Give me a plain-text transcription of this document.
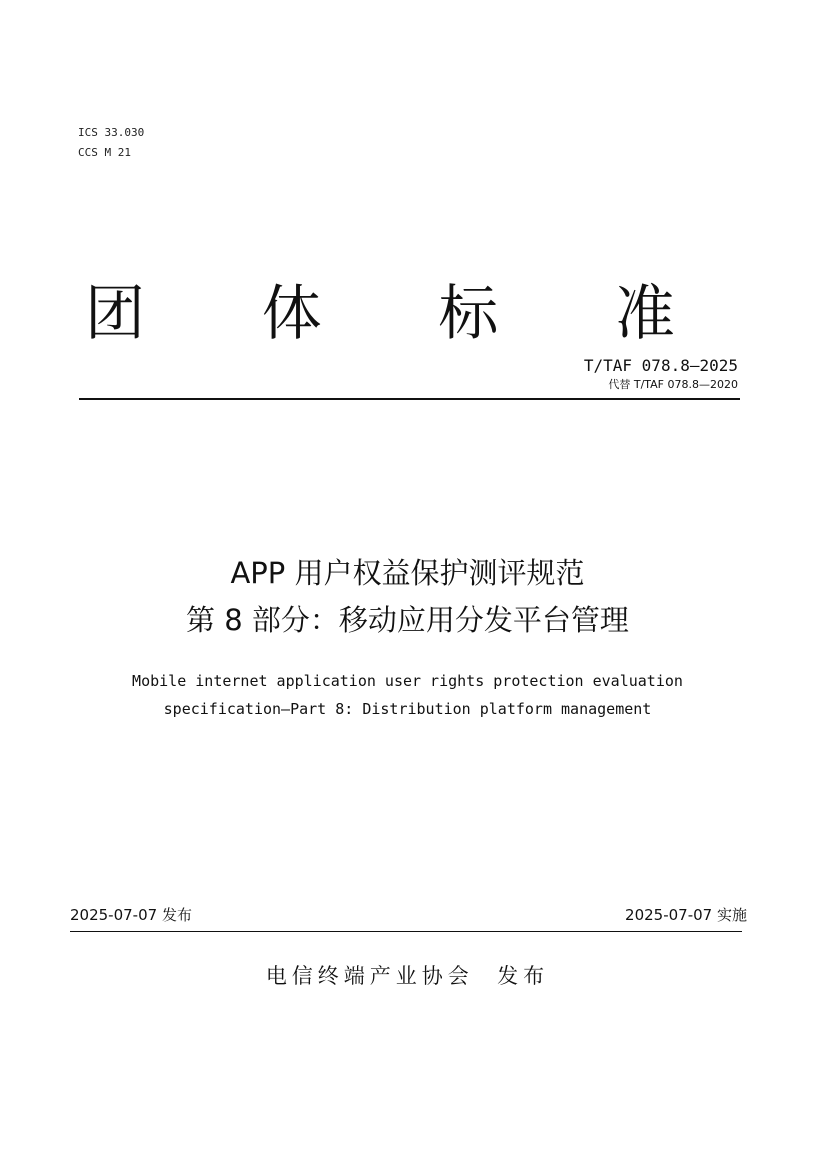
ICS 33.030
CCS M 21
团 体 标 准
T/TAF 078.8—2025
代替 T/TAF 078.8—2020
APP 用户权益保护测评规范
第 8 部分：移动应用分发平台管理
Mobile internet application user rights protection evaluation
specification—Part 8: Distribution platform management
2025-07-07 发布	2025-07-07 实施
电信终端产业协会  发布
